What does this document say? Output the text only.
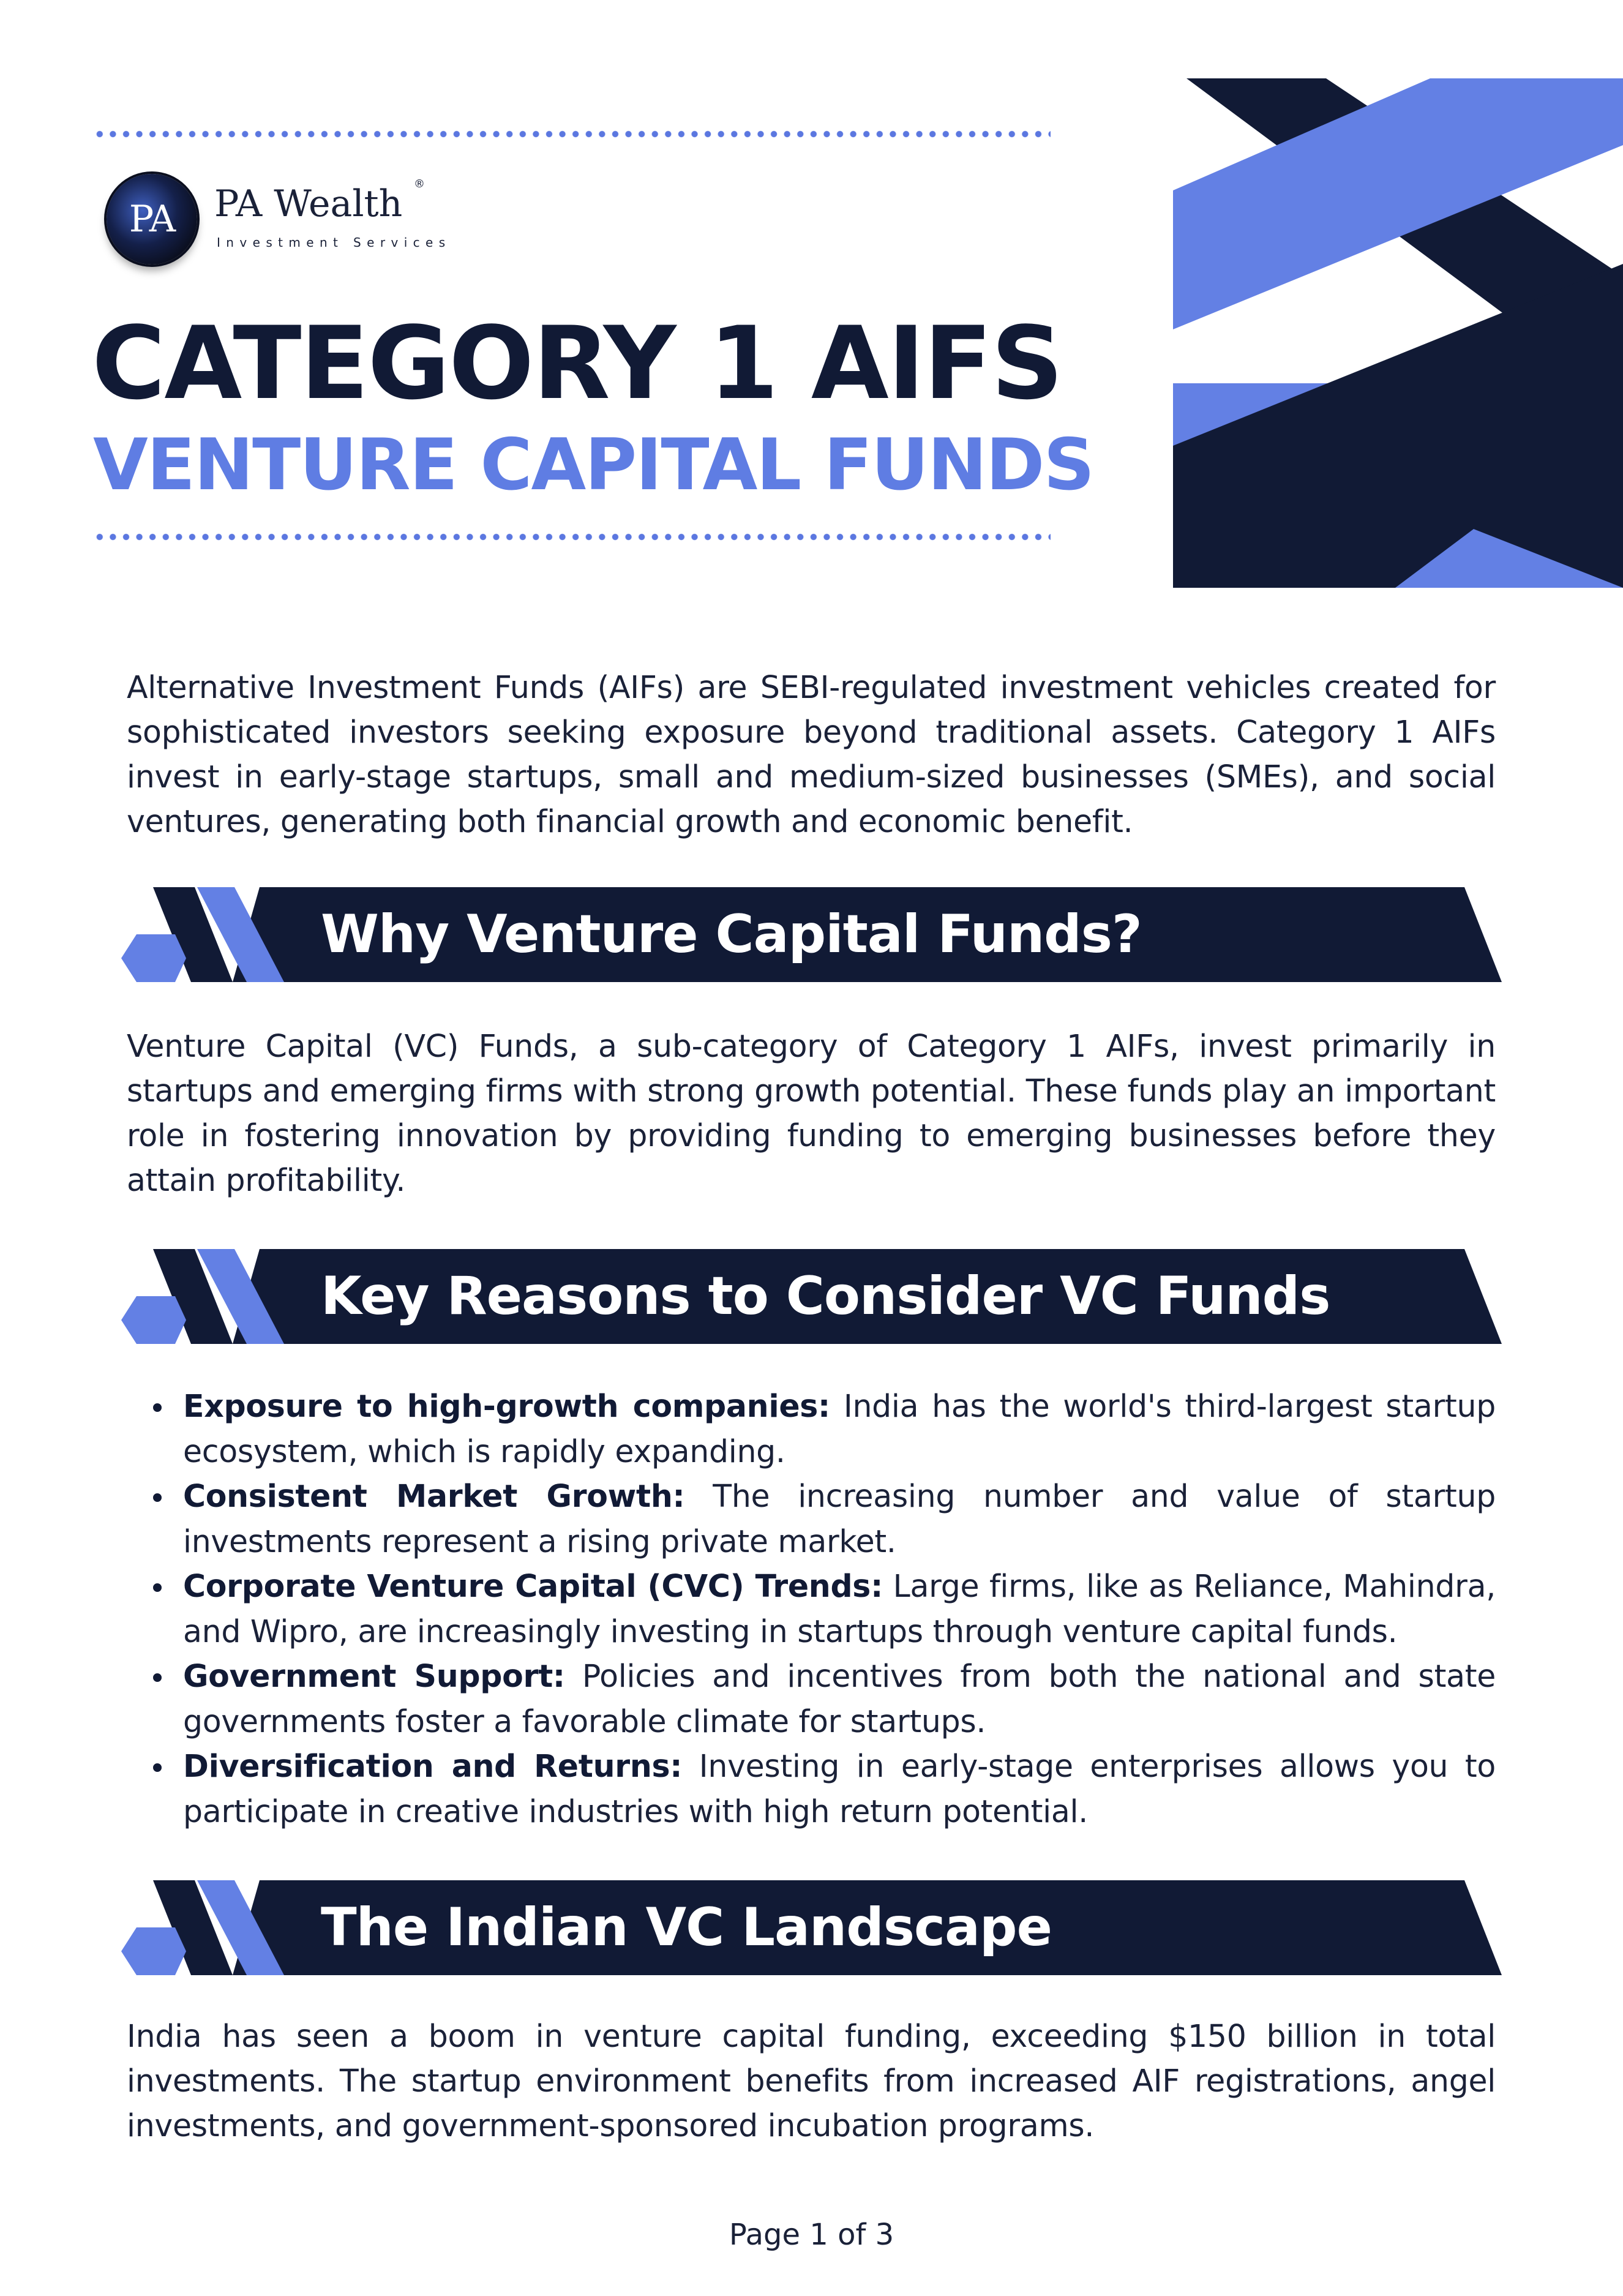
PA PA Wealth ®
Investment Services
CATEGORY 1 AIFS
VENTURE CAPITAL FUNDS

Alternative Investment Funds (AIFs) are SEBI-regulated investment vehicles created for sophisticated investors seeking exposure beyond traditional assets. Category 1 AIFs invest in early-stage startups, small and medium-sized businesses (SMEs), and social ventures, generating both financial growth and economic benefit.

Why Venture Capital Funds?

Venture Capital (VC) Funds, a sub-category of Category 1 AIFs, invest primarily in startups and emerging firms with strong growth potential. These funds play an important role in fostering innovation by providing funding to emerging businesses before they attain profitability.

Key Reasons to Consider VC Funds
Exposure to high-growth companies: India has the world's third-largest startup ecosystem, which is rapidly expanding.
Consistent Market Growth: The increasing number and value of startup investments represent a rising private market.
Corporate Venture Capital (CVC) Trends: Large firms, like as Reliance, Mahindra, and Wipro, are increasingly investing in startups through venture capital funds.
Government Support: Policies and incentives from both the national and state governments foster a favorable climate for startups.
Diversification and Returns: Investing in early-stage enterprises allows you to participate in creative industries with high return potential.
The Indian VC Landscape

India has seen a boom in venture capital funding, exceeding $150 billion in total investments. The startup environment benefits from increased AIF registrations, angel investments, and government-sponsored incubation programs.

Page 1 of 3
